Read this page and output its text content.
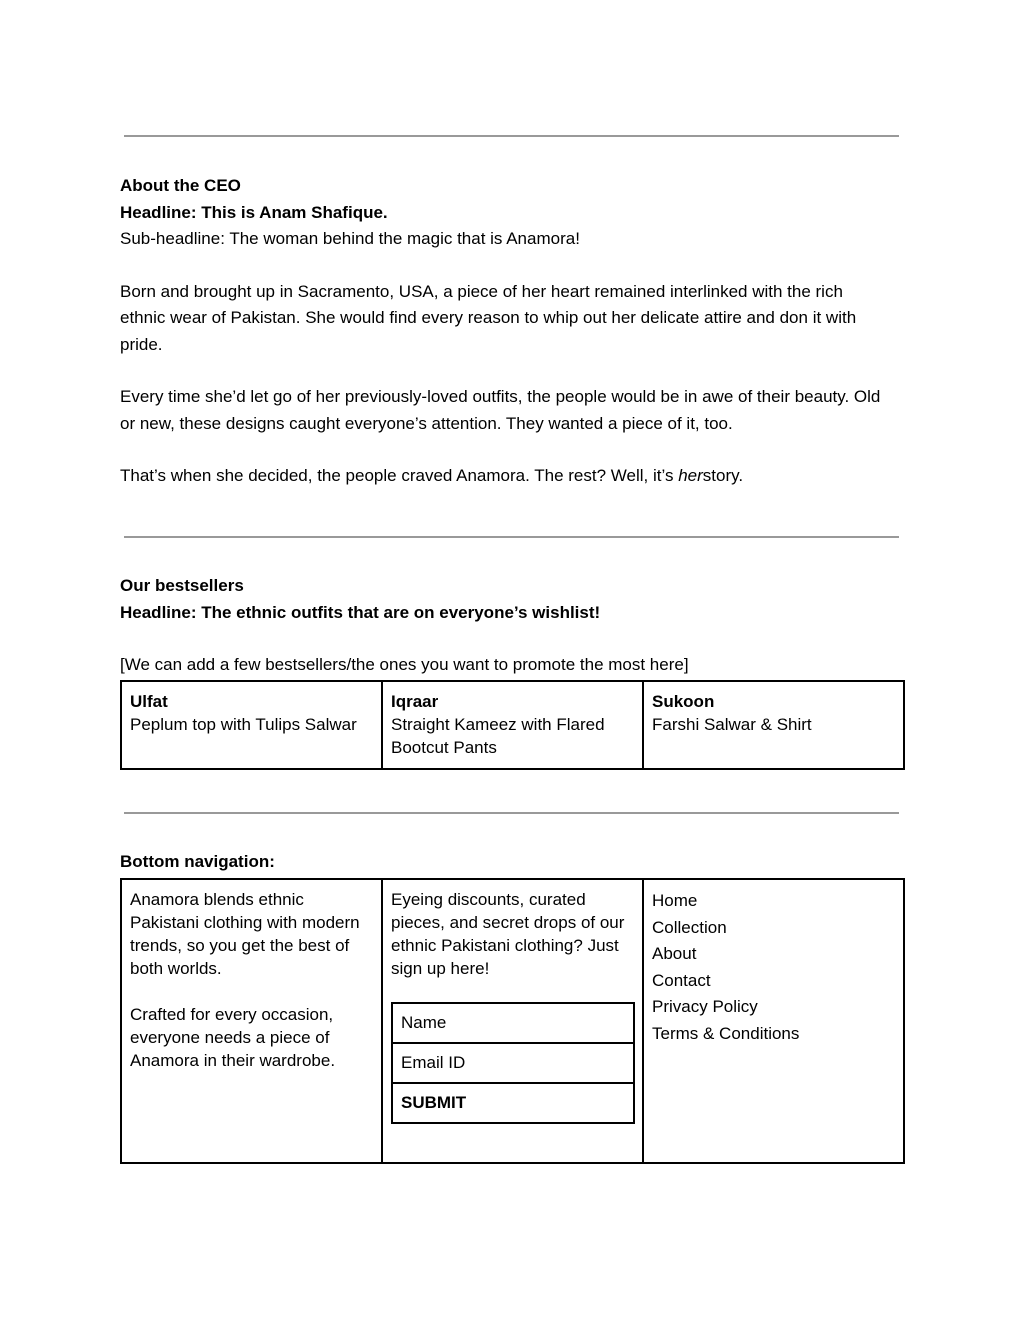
About the CEO

Headline: This is Anam Shafique.

Sub-headline: The woman behind the magic that is Anamora!

Born and brought up in Sacramento, USA, a piece of her heart remained interlinked with the rich ethnic wear of Pakistan. She would find every reason to whip out her delicate attire and don it with pride.

Every time she’d let go of her previously-loved outfits, the people would be in awe of their beauty. Old or new, these designs caught everyone’s attention. They wanted a piece of it, too.

That’s when she decided, the people craved Anamora. The rest? Well, it’s herstory.

Our bestsellers

Headline: The ethnic outfits that are on everyone’s wishlist!

[We can add a few bestsellers/the ones you want to promote the most here]

Ulfat
Peplum top with Tulips Salwar

Iqraar
Straight Kameez with Flared Bootcut Pants

Sukoon
Farshi Salwar & Shirt
Bottom navigation:

Anamora blends ethnic Pakistani clothing with modern trends, so you get the best of both worlds.

Crafted for every occasion, everyone needs a piece of Anamora in their wardrobe.

Eyeing discounts, curated pieces, and secret drops of our ethnic Pakistani clothing? Just sign up here!

Name
Email ID
SUBMIT

Home
Collection
About
Contact
Privacy Policy
Terms & Conditions
